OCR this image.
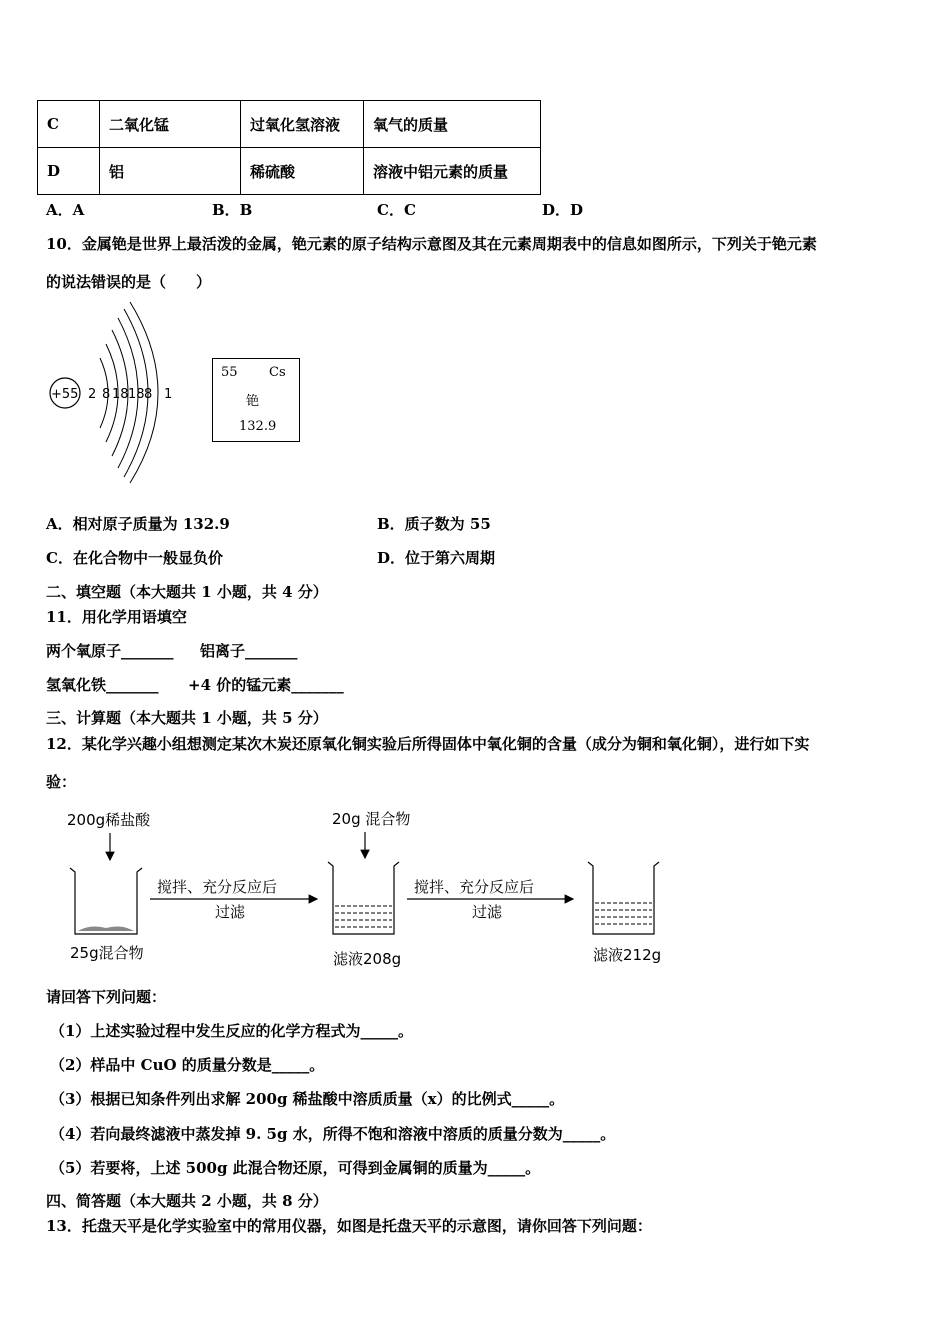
C	二氧化锰	过氧化氢溶液	氧气的质量
D	铝	稀硫酸	溶液中铝元素的质量
A．A	B．B	C．C	D．D
10．金属铯是世界上最活泼的金属，铯元素的原子结构示意图及其在元素周期表中的信息如图所示，下列关于铯元素
的说法错误的是（　　）
+55 2 8 18 18 8 1
55 Cs
铯
132.9
A．相对原子质量为 132.9	B．质子数为 55
C．在化合物中一般显负价	D．位于第六周期
二、填空题（本大题共 1 小题，共 4 分）
11．用化学用语填空
两个氧原子_______ 铝离子_______
氢氧化铁_______ +4 价的锰元素_______
三、计算题（本大题共 1 小题，共 5 分）
12．某化学兴趣小组想测定某次木炭还原氧化铜实验后所得固体中氧化铜的含量（成分为铜和氧化铜），进行如下实
验：
200g稀盐酸
25g混合物
搅拌、充分反应后
过滤
20g 混合物
滤液208g
搅拌、充分反应后
过滤
滤液212g
请回答下列问题：
（1）上述实验过程中发生反应的化学方程式为_____。
（2）样品中 CuO 的质量分数是_____。
（3）根据已知条件列出求解 200g 稀盐酸中溶质质量（x）的比例式_____。
（4）若向最终滤液中蒸发掉 9. 5g 水，所得不饱和溶液中溶质的质量分数为_____。
（5）若要将，上述 500g 此混合物还原，可得到金属铜的质量为_____。
四、简答题（本大题共 2 小题，共 8 分）
13．托盘天平是化学实验室中的常用仪器，如图是托盘天平的示意图，请你回答下列问题：
